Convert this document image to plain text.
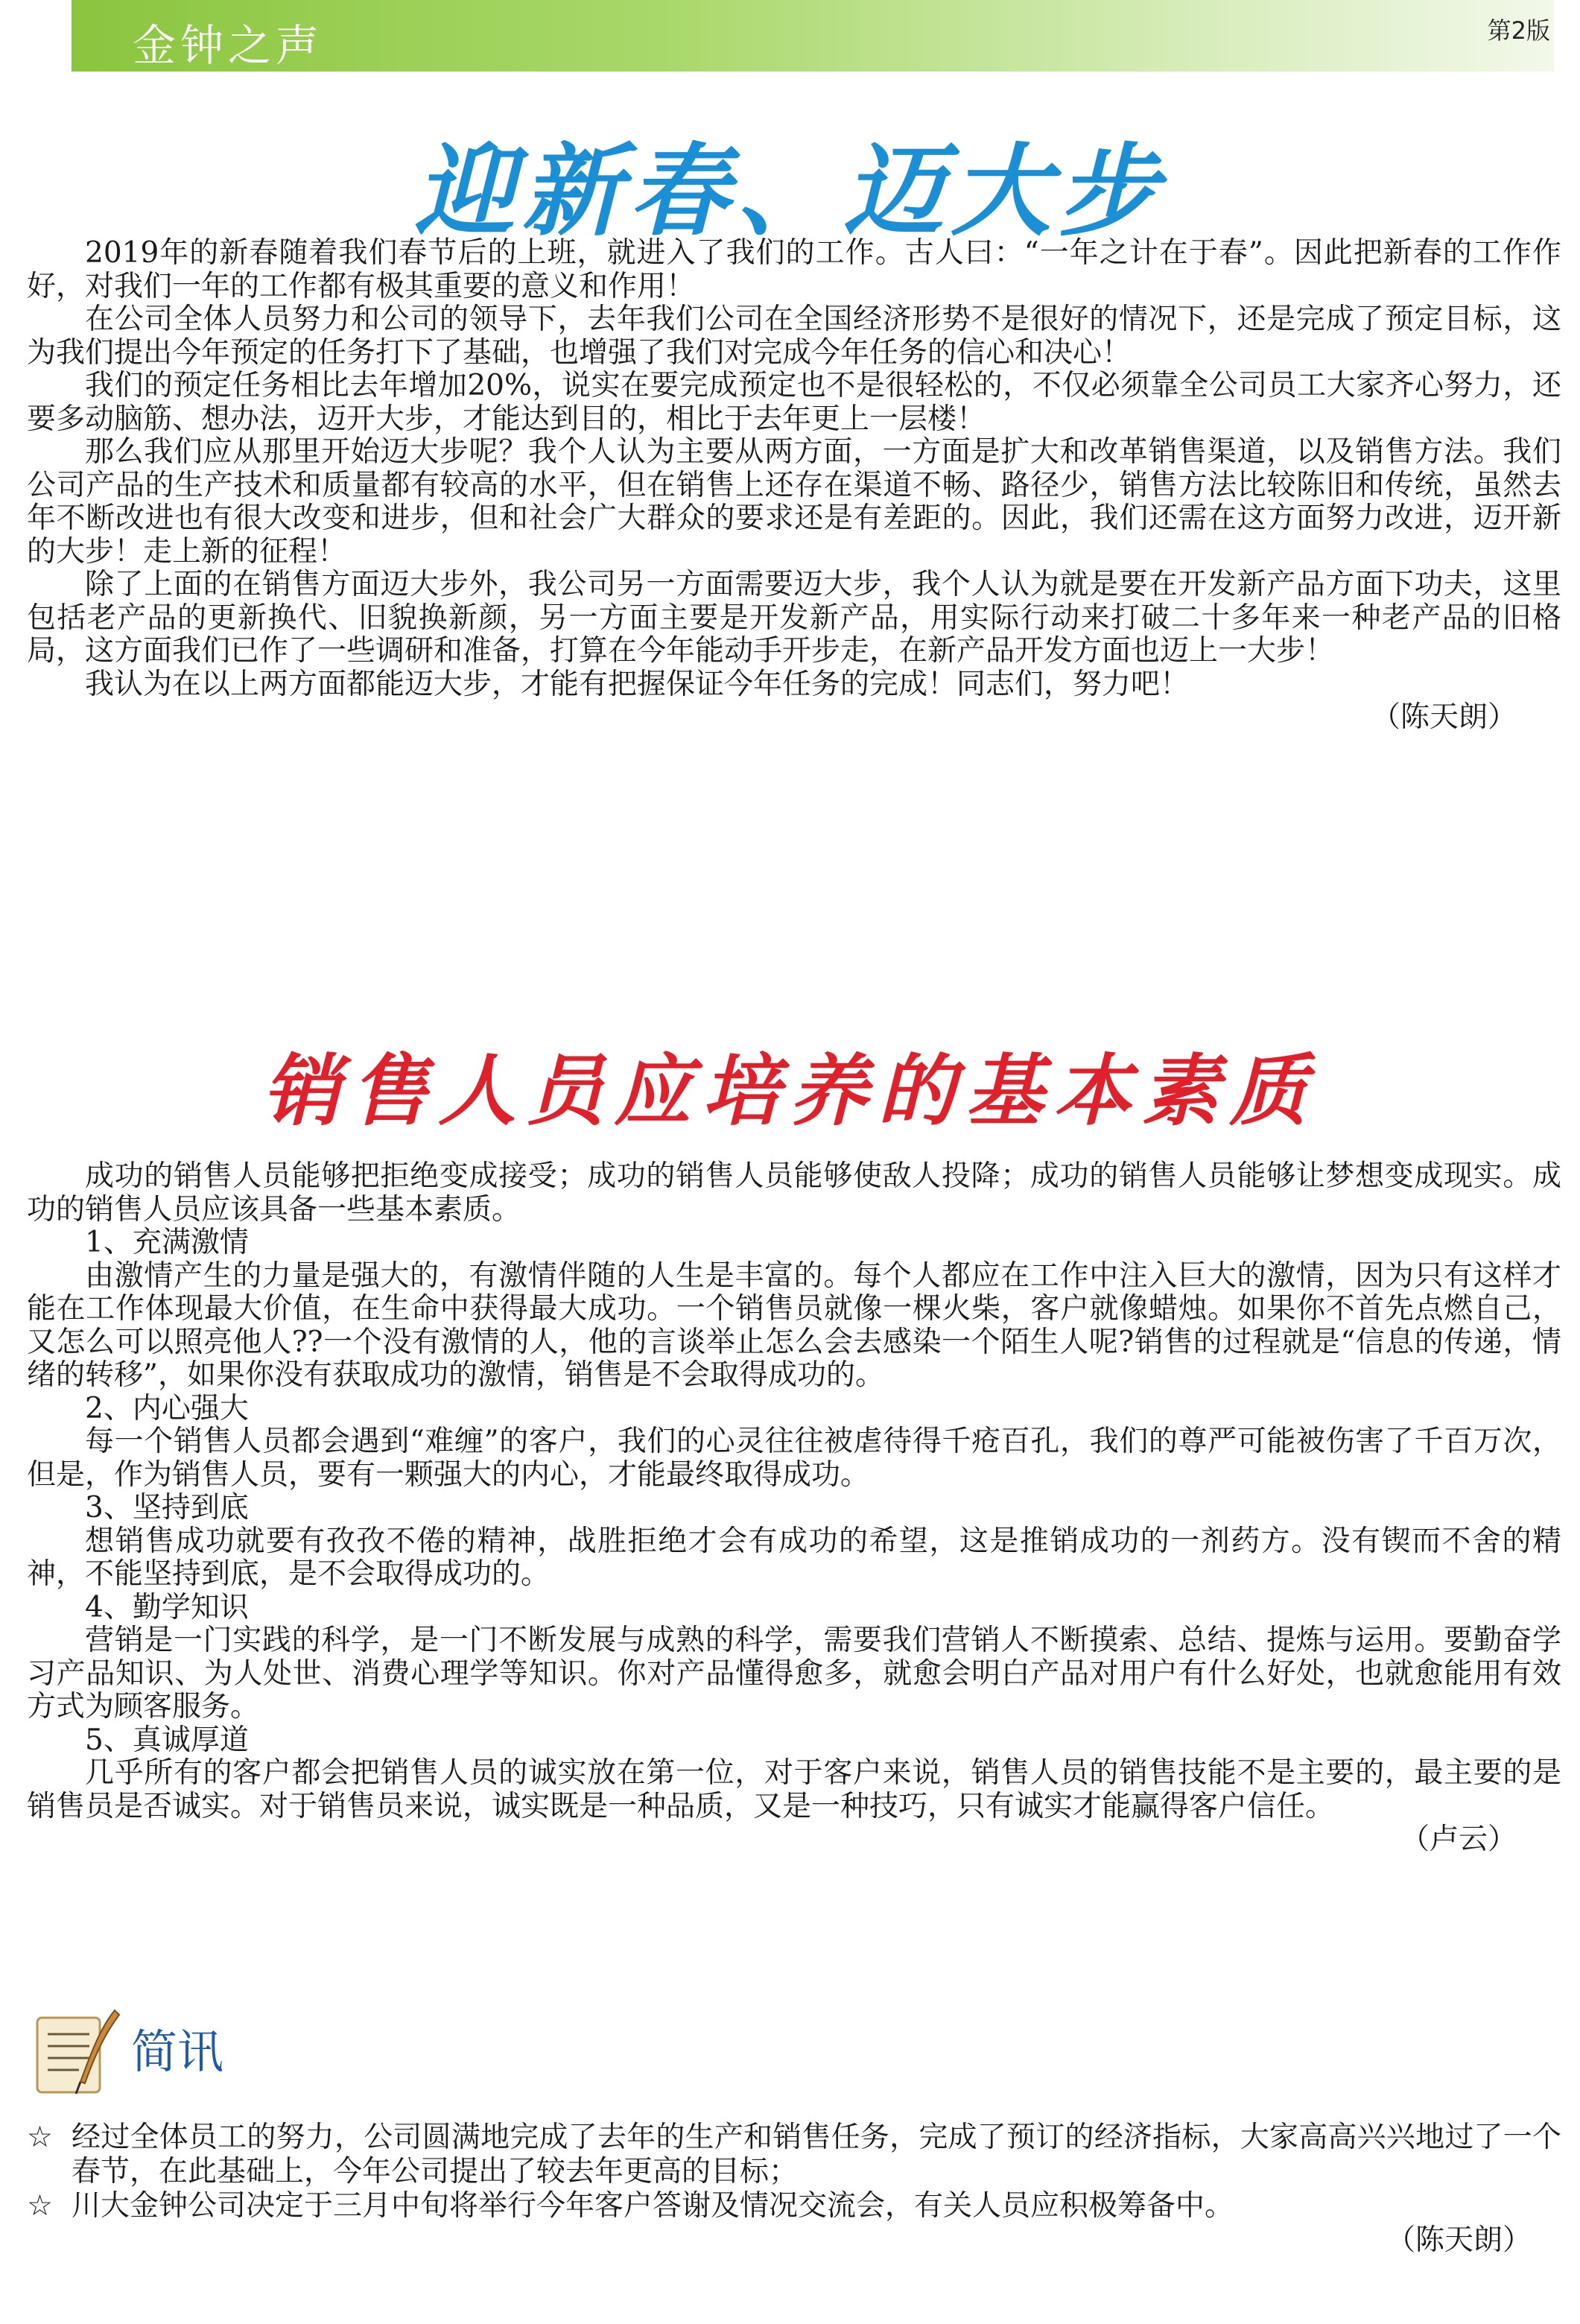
金钟之声	第2版
迎新春、迈大步

2019年的新春随着我们春节后的上班，就进入了我们的工作。古人曰：“一年之计在于春”。因此把新春的工作作好，对我们一年的工作都有极其重要的意义和作用！

在公司全体人员努力和公司的领导下，去年我们公司在全国经济形势不是很好的情况下，还是完成了预定目标，这为我们提出今年预定的任务打下了基础，也增强了我们对完成今年任务的信心和决心！

我们的预定任务相比去年增加20%，说实在要完成预定也不是很轻松的，不仅必须靠全公司员工大家齐心努力，还要多动脑筋、想办法，迈开大步，才能达到目的，相比于去年更上一层楼！

那么我们应从那里开始迈大步呢？我个人认为主要从两方面，一方面是扩大和改革销售渠道，以及销售方法。我们公司产品的生产技术和质量都有较高的水平，但在销售上还存在渠道不畅、路径少，销售方法比较陈旧和传统，虽然去年不断改进也有很大改变和进步，但和社会广大群众的要求还是有差距的。因此，我们还需在这方面努力改进，迈开新的大步！走上新的征程！

除了上面的在销售方面迈大步外，我公司另一方面需要迈大步，我个人认为就是要在开发新产品方面下功夫，这里包括老产品的更新换代、旧貌换新颜，另一方面主要是开发新产品，用实际行动来打破二十多年来一种老产品的旧格局，这方面我们已作了一些调研和准备，打算在今年能动手开步走，在新产品开发方面也迈上一大步！

我认为在以上两方面都能迈大步，才能有把握保证今年任务的完成！同志们，努力吧！

（陈天朗）

销售人员应培养的基本素质

成功的销售人员能够把拒绝变成接受；成功的销售人员能够使敌人投降；成功的销售人员能够让梦想变成现实。成功的销售人员应该具备一些基本素质。

1、充满激情

由激情产生的力量是强大的，有激情伴随的人生是丰富的。每个人都应在工作中注入巨大的激情，因为只有这样才能在工作体现最大价值，在生命中获得最大成功。一个销售员就像一棵火柴，客户就像蜡烛。如果你不首先点燃自己，又怎么可以照亮他人??一个没有激情的人，他的言谈举止怎么会去感染一个陌生人呢?销售的过程就是“信息的传递，情绪的转移”，如果你没有获取成功的激情，销售是不会取得成功的。

2、内心强大

每一个销售人员都会遇到“难缠”的客户，我们的心灵往往被虐待得千疮百孔，我们的尊严可能被伤害了千百万次，但是，作为销售人员，要有一颗强大的内心，才能最终取得成功。

3、坚持到底

想销售成功就要有孜孜不倦的精神，战胜拒绝才会有成功的希望，这是推销成功的一剂药方。没有锲而不舍的精神，不能坚持到底，是不会取得成功的。

4、勤学知识

营销是一门实践的科学，是一门不断发展与成熟的科学，需要我们营销人不断摸索、总结、提炼与运用。要勤奋学习产品知识、为人处世、消费心理学等知识。你对产品懂得愈多，就愈会明白产品对用户有什么好处，也就愈能用有效方式为顾客服务。

5、真诚厚道

几乎所有的客户都会把销售人员的诚实放在第一位，对于客户来说，销售人员的销售技能不是主要的，最主要的是销售员是否诚实。对于销售员来说，诚实既是一种品质，又是一种技巧，只有诚实才能赢得客户信任。

（卢云）

简讯
☆ 经过全体员工的努力，公司圆满地完成了去年的生产和销售任务，完成了预订的经济指标，大家高高兴兴地过了一个春节，在此基础上，今年公司提出了较去年更高的目标；
☆ 川大金钟公司决定于三月中旬将举行今年客户答谢及情况交流会，有关人员应积极筹备中。
（陈天朗）
